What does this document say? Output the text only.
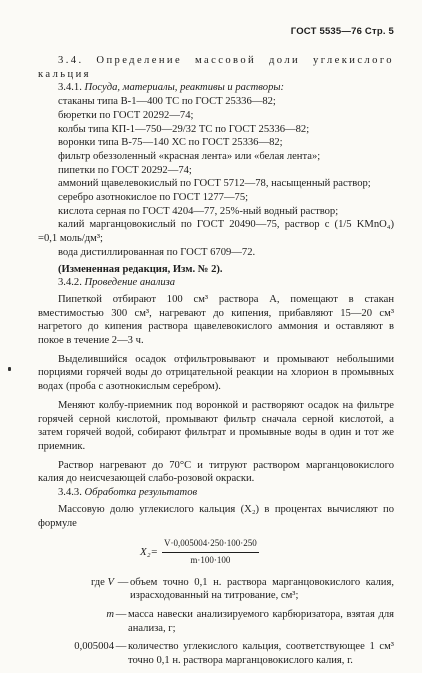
ГОСТ 5535—76 Стр. 5

3.4. Определение массовой доли углекислого кальция

3.4.1. Посуда, материалы, реактивы и растворы:

стаканы типа В-1—400 ТС по ГОСТ 25336—82;

бюретки по ГОСТ 20292—74;

колбы типа КП-1—750—29/32 ТС по ГОСТ 25336—82;

воронки типа В-75—140 ХС по ГОСТ 25336—82;

фильтр обеззоленный «красная лента» или «белая лента»;

пипетки по ГОСТ 20292—74;

аммоний щавелевокислый по ГОСТ 5712—78, насыщенный раствор;

серебро азотнокислое по ГОСТ 1277—75;

кислота серная по ГОСТ 4204—77, 25%-ный водный раствор;

калий марганцовокислый по ГОСТ 20490—75, раствор c (1/5 KMnO₄) =0,1 моль/дм³;

вода дистиллированная по ГОСТ 6709—72.

(Измененная редакция, Изм. № 2).

3.4.2. Проведение анализа

Пипеткой отбирают 100 см³ раствора А, помещают в стакан вместимостью 300 см³, нагревают до кипения, прибавляют 15—20 см³ нагретого до кипения раствора щавелевокислого аммония и оставляют в покое в течение 2—3 ч.

Выделившийся осадок отфильтровывают и промывают небольшими порциями горячей воды до отрицательной реакции на хлорион в промывных водах (проба с азотнокислым серебром).

Меняют колбу-приемник под воронкой и растворяют осадок на фильтре горячей серной кислотой, промывают фильтр сначала серной кислотой, а затем горячей водой, собирают фильтрат и промывные воды в один и тот же приемник.

Раствор нагревают до 70°С и титруют раствором марганцовокислого калия до неисчезающей слабо-розовой окраски.

3.4.3. Обработка результатов

Массовую долю углекислого кальция (X₂) в процентах вычисляют по формуле

$X_2= \frac{V\cdot 0,005004\cdot 250\cdot 100\cdot 250}{m\cdot 100\cdot 100}$
где V — объем точно 0,1 н. раствора марганцовокислого калия, израсходованный на титрование, см³;
m — масса навески анализируемого карбюризатора, взятая для анализа, г;
0,005004 — количество углекислого кальция, соответствующее 1 см³ точно 0,1 н. раствора марганцовокислого калия, г.
